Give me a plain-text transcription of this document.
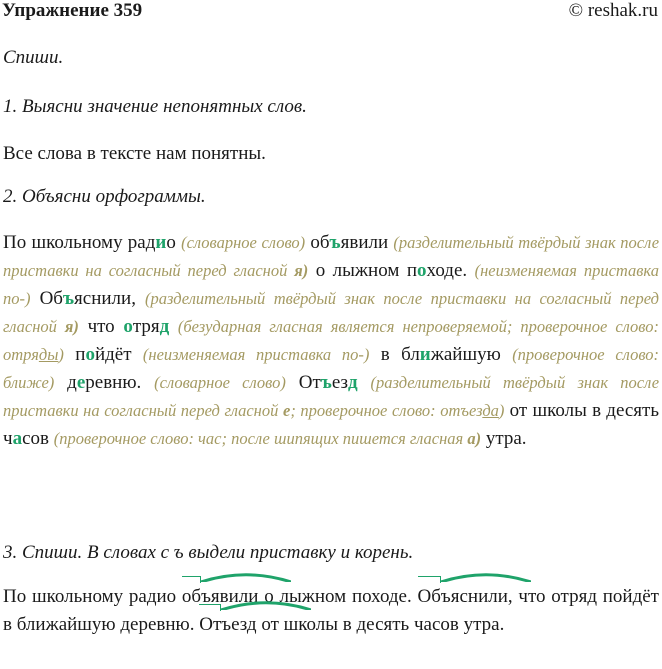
Упражнение 359	© reshak.ru
Спиши.
1. Выясни значение непонятных слов.
Все слова в тексте нам понятны.
2. Объясни орфограммы.
По школьному радио (словарное слово) объявили (разделительный твёрдый знак после приставки на согласный перед гласной я) о лыжном походе. (неизменяемая приставка по-) Объяснили, (разделительный твёрдый знак после приставки на согласный перед гласной я) что отряд (безударная гласная является непроверяемой; проверочное слово: отряды) пойдёт (неизменяемая приставка по-) в ближайшую (проверочное слово: ближе) деревню. (словарное слово) Отъезд (разделительный твёрдый знак после приставки на согласный перед гласной е; проверочное слово: отъезда) от школы в десять часов (проверочное слово: час; после шипящих пишется гласная а) утра.
3. Спиши. В словах с ъ выдели приставку и корень.
По школьному радио
об
ъявили о лыжном походе.
Об
ъяснили, что отряд пойдёт в ближайшую деревню.
От
ъезд от школы в десять часов утра.
